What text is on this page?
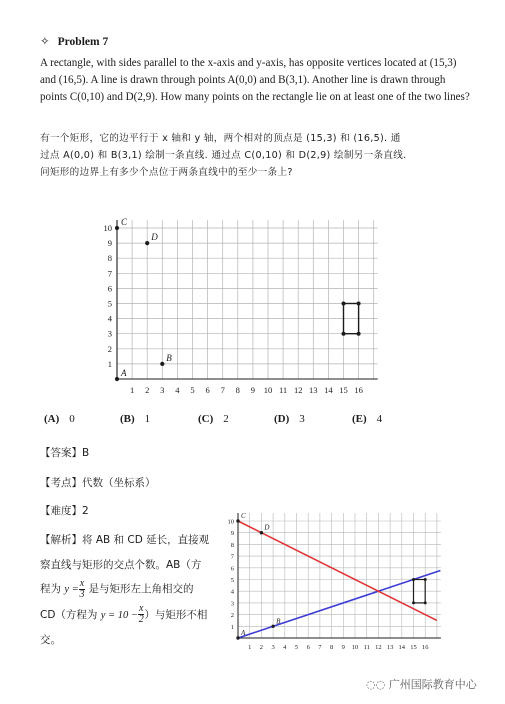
✧ Problem 7
A rectangle, with sides parallel to the x-axis and y-axis, has opposite vertices located at (15,3) and (16,5). A line is drawn through points A(0,0) and B(3,1). Another line is drawn through points C(0,10) and D(2,9). How many points on the rectangle lie on at least one of the two lines?
有一个矩形，它的边平行于 x 轴和 y 轴，两个相对的顶点是 (15,3) 和 (16,5). 通
过点 A(0,0) 和 B(3,1) 绘制一条直线. 通过点 C(0,10) 和 D(2,9) 绘制另一条直线.
问矩形的边界上有多少个点位于两条直线中的至少一条上?
1 2 3 4 5 6 7 8 9 10 11 12 13 14 15 16
1
2
3
4
5
6
7
8
9
10
A
B
C
D
(A) 0	(B) 1	(C) 2	(D) 3	(E) 4
【答案】B
【考点】代数（坐标系）
【难度】2
【解析】将 AB 和 CD 延长，直接观
察直线与矩形的交点个数。AB（方
程为 $y = \frac{x}{3}$ 是与矩形左上角相交的
CD（方程为 $y = 10 - \frac{x}{2}$ ）与矩形不相
交。
1 2 3 4 5 6 7 8 9 10 11 12 13 14 15 16
1
2
3
4
5
6
7
8
9
10
A
B
C
D
◌◌ 广州国际教育中心
